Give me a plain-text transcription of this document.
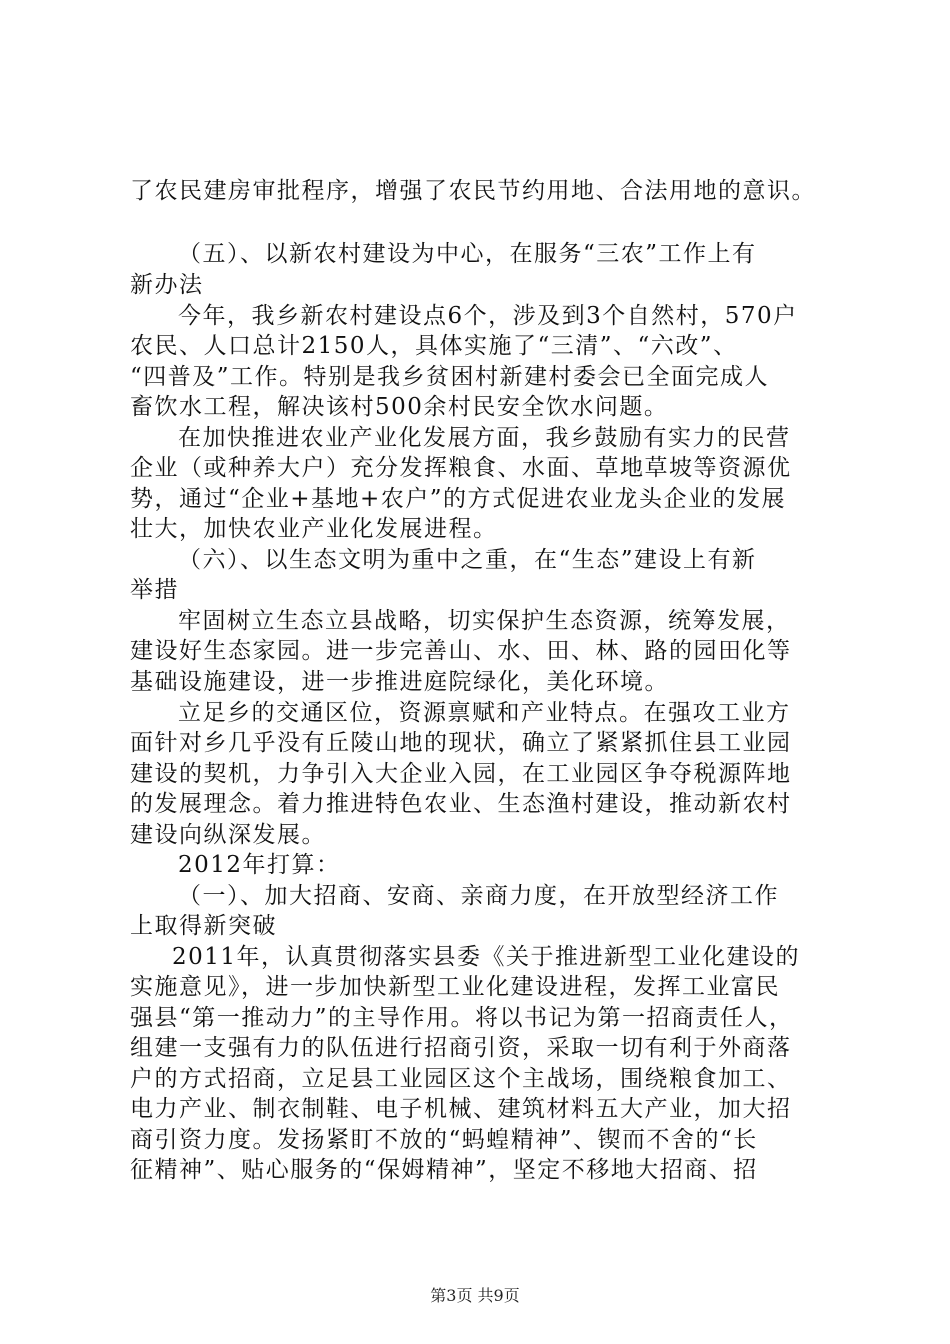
了农民建房审批程序，增强了农民节约用地、合法用地的意识。
（五）、以新农村建设为中心，在服务“三农”工作上有
新办法
今年，我乡新农村建设点6个，涉及到3个自然村，570户
农民、人口总计2150人，具体实施了“三清”、“六改”、
“四普及”工作。特别是我乡贫困村新建村委会已全面完成人
畜饮水工程，解决该村500余村民安全饮水问题。
在加快推进农业产业化发展方面，我乡鼓励有实力的民营
企业（或种养大户）充分发挥粮食、水面、草地草坡等资源优
势，通过“企业+基地+农户”的方式促进农业龙头企业的发展
壮大，加快农业产业化发展进程。
（六）、以生态文明为重中之重，在“生态”建设上有新
举措
牢固树立生态立县战略，切实保护生态资源，统筹发展，
建设好生态家园。进一步完善山、水、田、林、路的园田化等
基础设施建设，进一步推进庭院绿化，美化环境。
立足乡的交通区位，资源禀赋和产业特点。在强攻工业方
面针对乡几乎没有丘陵山地的现状，确立了紧紧抓住县工业园
建设的契机，力争引入大企业入园，在工业园区争夺税源阵地
的发展理念。着力推进特色农业、生态渔村建设，推动新农村
建设向纵深发展。
2012年打算：
（一）、加大招商、安商、亲商力度，在开放型经济工作
上取得新突破
2011年，认真贯彻落实县委《关于推进新型工业化建设的
实施意见》，进一步加快新型工业化建设进程，发挥工业富民
强县“第一推动力”的主导作用。将以书记为第一招商责任人，
组建一支强有力的队伍进行招商引资，采取一切有利于外商落
户的方式招商，立足县工业园区这个主战场，围绕粮食加工、
电力产业、制衣制鞋、电子机械、建筑材料五大产业，加大招
商引资力度。发扬紧盯不放的“蚂蝗精神”、锲而不舍的“长
征精神”、贴心服务的“保姆精神”，坚定不移地大招商、招
第3页 共9页
